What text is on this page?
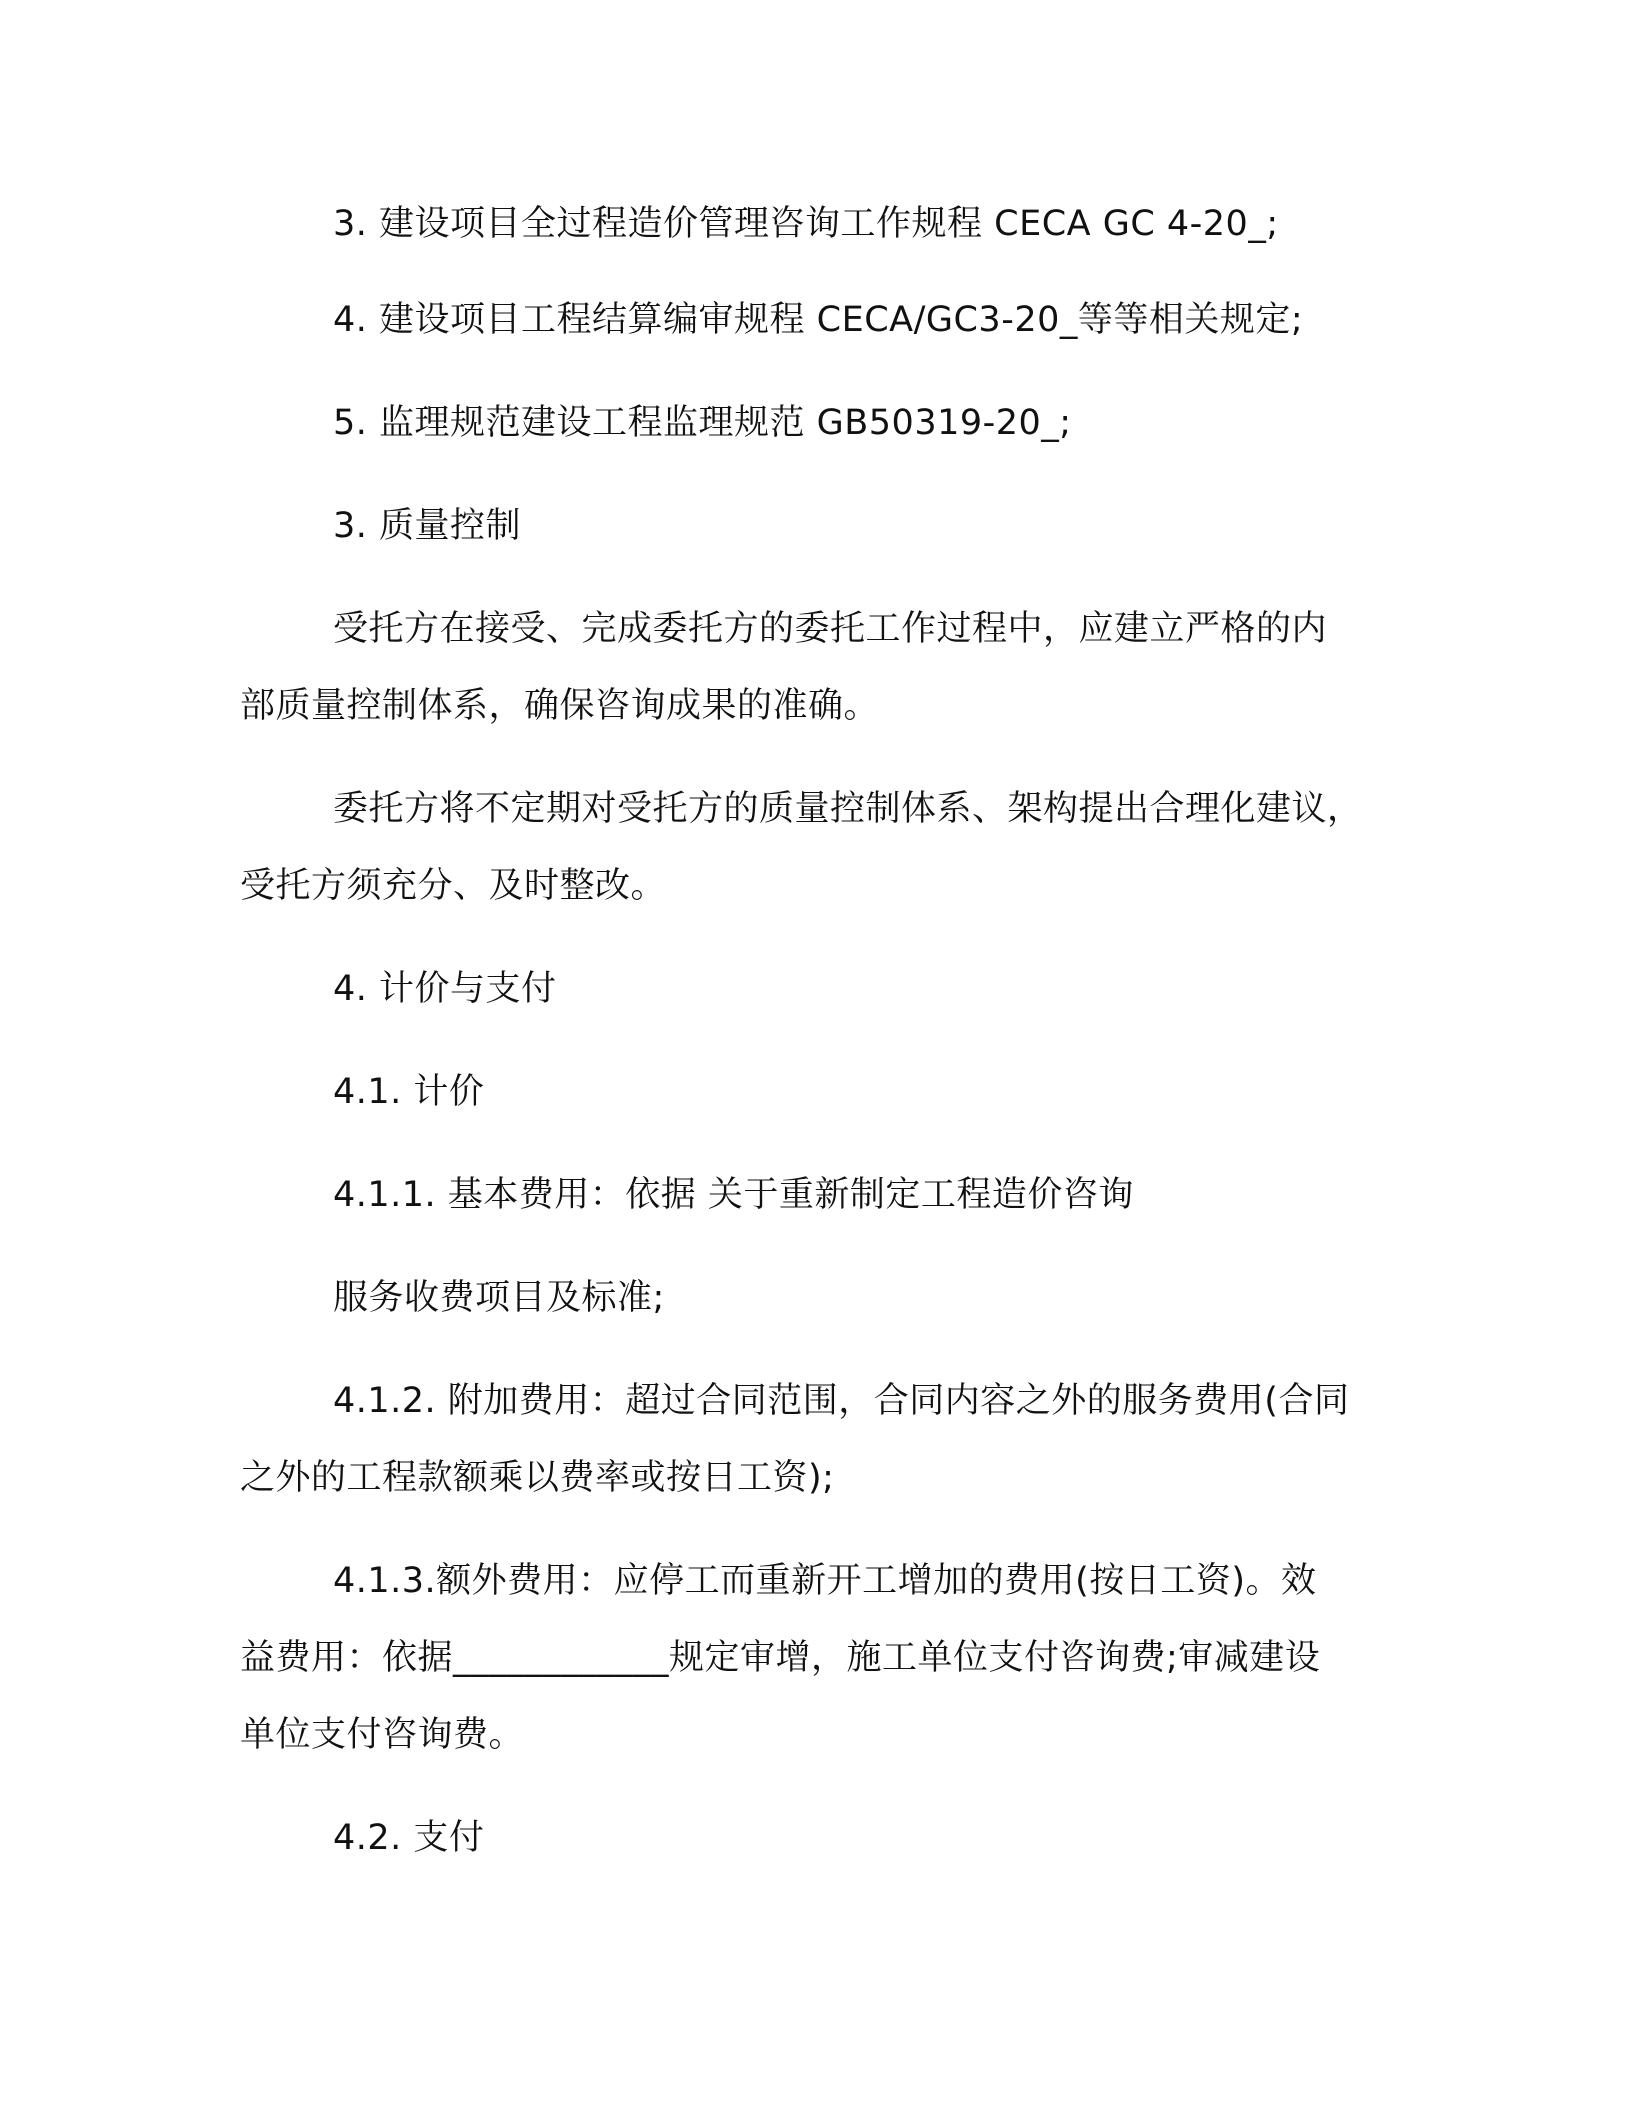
3. 建设项目全过程造价管理咨询工作规程 CECA GC 4-20_;
4. 建设项目工程结算编审规程 CECA/GC3-20_等等相关规定;
5. 监理规范建设工程监理规范 GB50319-20_;
3. 质量控制
受托方在接受、完成委托方的委托工作过程中，应建立严格的内
部质量控制体系，确保咨询成果的准确。
委托方将不定期对受托方的质量控制体系、架构提出合理化建议，
受托方须充分、及时整改。
4. 计价与支付
4.1. 计价
4.1.1. 基本费用：依据 关于重新制定工程造价咨询
服务收费项目及标准;
4.1.2. 附加费用：超过合同范围，合同内容之外的服务费用(合同
之外的工程款额乘以费率或按日工资);
4.1.3.额外费用：应停工而重新开工增加的费用(按日工资)。效
益费用：依据____________规定审增，施工单位支付咨询费;审减建设
单位支付咨询费。
4.2. 支付
